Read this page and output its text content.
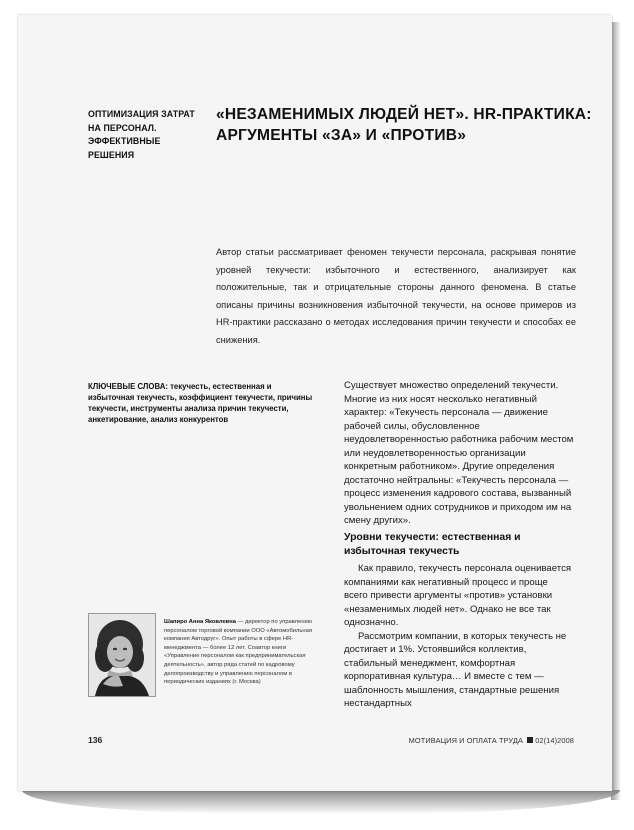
ОПТИМИЗАЦИЯ ЗАТРАТ
НА ПЕРСОНАЛ.
ЭФФЕКТИВНЫЕ РЕШЕНИЯ
«НЕЗАМЕНИМЫХ ЛЮДЕЙ НЕТ». HR-ПРАКТИКА:
АРГУМЕНТЫ «ЗА» И «ПРОТИВ»

Автор статьи рассматривает феномен текучести персонала, раскрывая понятие уровней текучести: избыточного и естественного, анализирует как положительные, так и отрицательные стороны данного феномена. В статье описаны причины возникновения избыточной текучести, на основе примеров из HR-практики рассказано о методах исследования причин текучести и способах ее снижения.

КЛЮЧЕВЫЕ СЛОВА: текучесть, естественная и избыточная текучесть, коэффициент текучести, причины текучести, инструменты анализа причин текучести, анкетирование, анализ конкурентов

Существует множество определений текучести. Многие из них носят несколько негативный характер: «Текучесть персонала — движение рабочей силы, обусловленное неудовлетворенностью работника рабочим местом или неудовлетворенностью организации конкретным работником». Другие определения достаточно нейтральны: «Текучесть персонала — процесс изменения кадрового состава, вызванный увольнением одних сотрудников и приходом им на смену других».

Уровни текучести: естественная и избыточная текучесть

Как правило, текучесть персонала оценивается компаниями как негативный процесс и проще всего привести аргументы «против» установки «незаменимых людей нет». Однако не все так однозначно.

Рассмотрим компании, в которых текучесть не достигает и 1%. Устоявшийся коллектив, стабильный менеджмент, комфортная корпоративная культура… И вместе с тем — шаблонность мышления, стандартные решения нестандартных

Шапиро Анна Яковлевна — директор по управлению персоналом торговой компании ООО «Автомобильная компания Автодруг». Опыт работы в сфере HR-менеджмента — более 12 лет. Соавтор книги «Управление персоналом как предпринимательская деятельность», автор ряда статей по кадровому делопроизводству и управлению персоналом в периодических изданиях (г. Москва)
136	МОТИВАЦИЯ И ОПЛАТА ТРУДА 02(14)2008
